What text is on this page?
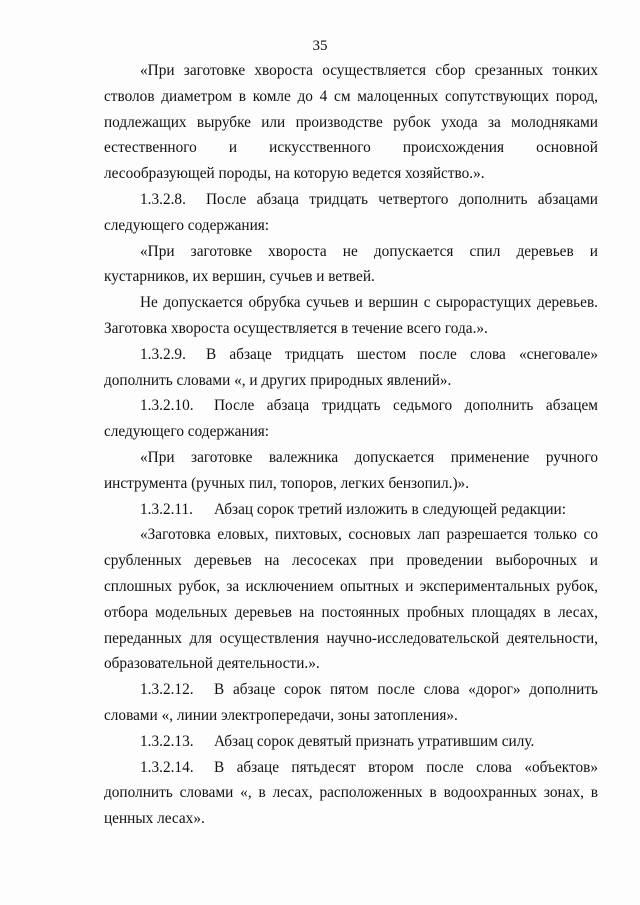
35

«При заготовке хвороста осуществляется сбор срезанных тонких стволов диаметром в комле до 4 см малоценных сопутствующих пород, подлежащих вырубке или производстве рубок ухода за молодняками естественного и искусственного происхождения основной лесообразующей породы, на которую ведется хозяйство.».

1.3.2.8. После абзаца тридцать четвертого дополнить абзацами следующего содержания:

«При заготовке хвороста не допускается спил деревьев и кустарников, их вершин, сучьев и ветвей.

Не допускается обрубка сучьев и вершин с сырорастущих деревьев. Заготовка хвороста осуществляется в течение всего года.».

1.3.2.9. В абзаце тридцать шестом после слова «снеговале» дополнить словами «, и других природных явлений».

1.3.2.10. После абзаца тридцать седьмого дополнить абзацем следующего содержания:

«При заготовке валежника допускается применение ручного инструмента (ручных пил, топоров, легких бензопил.)».

1.3.2.11. Абзац сорок третий изложить в следующей редакции:

«Заготовка еловых, пихтовых, сосновых лап разрешается только со срубленных деревьев на лесосеках при проведении выборочных и сплошных рубок, за исключением опытных и экспериментальных рубок, отбора модельных деревьев на постоянных пробных площадях в лесах, переданных для осуществления научно-исследовательской деятельности, образовательной деятельности.».

1.3.2.12. В абзаце сорок пятом после слова «дорог» дополнить словами «, линии электропередачи, зоны затопления».

1.3.2.13. Абзац сорок девятый признать утратившим силу.

1.3.2.14. В абзаце пятьдесят втором после слова «объектов» дополнить словами «, в лесах, расположенных в водоохранных зонах, в ценных лесах».
